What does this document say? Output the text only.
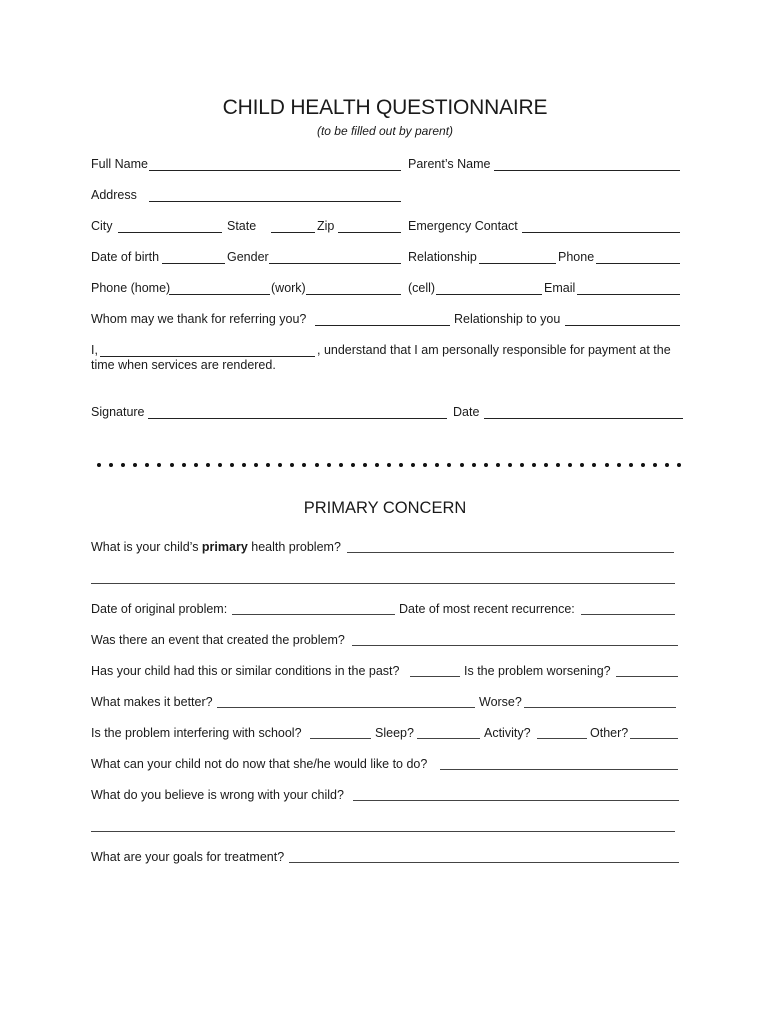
CHILD HEALTH QUESTIONNAIRE
(to be filled out by parent)
Full Name	Parent’s Name
Address
City	State	Zip	Emergency Contact
Date of birth	Gender	Relationship	Phone
Phone (home)	(work)	(cell)	Email
Whom may we thank for referring you?	Relationship to you
I,	, understand that I am personally responsible for payment at the
time when services are rendered.
Signature	Date
PRIMARY CONCERN
What is your child’s primary health problem?
Date of original problem:	Date of most recent recurrence:
Was there an event that created the problem?
Has your child had this or similar conditions in the past?	Is the problem worsening?
What makes it better?	Worse?
Is the problem interfering with school?	Sleep?	Activity?	Other?
What can your child not do now that she/he would like to do?
What do you believe is wrong with your child?
What are your goals for treatment?
